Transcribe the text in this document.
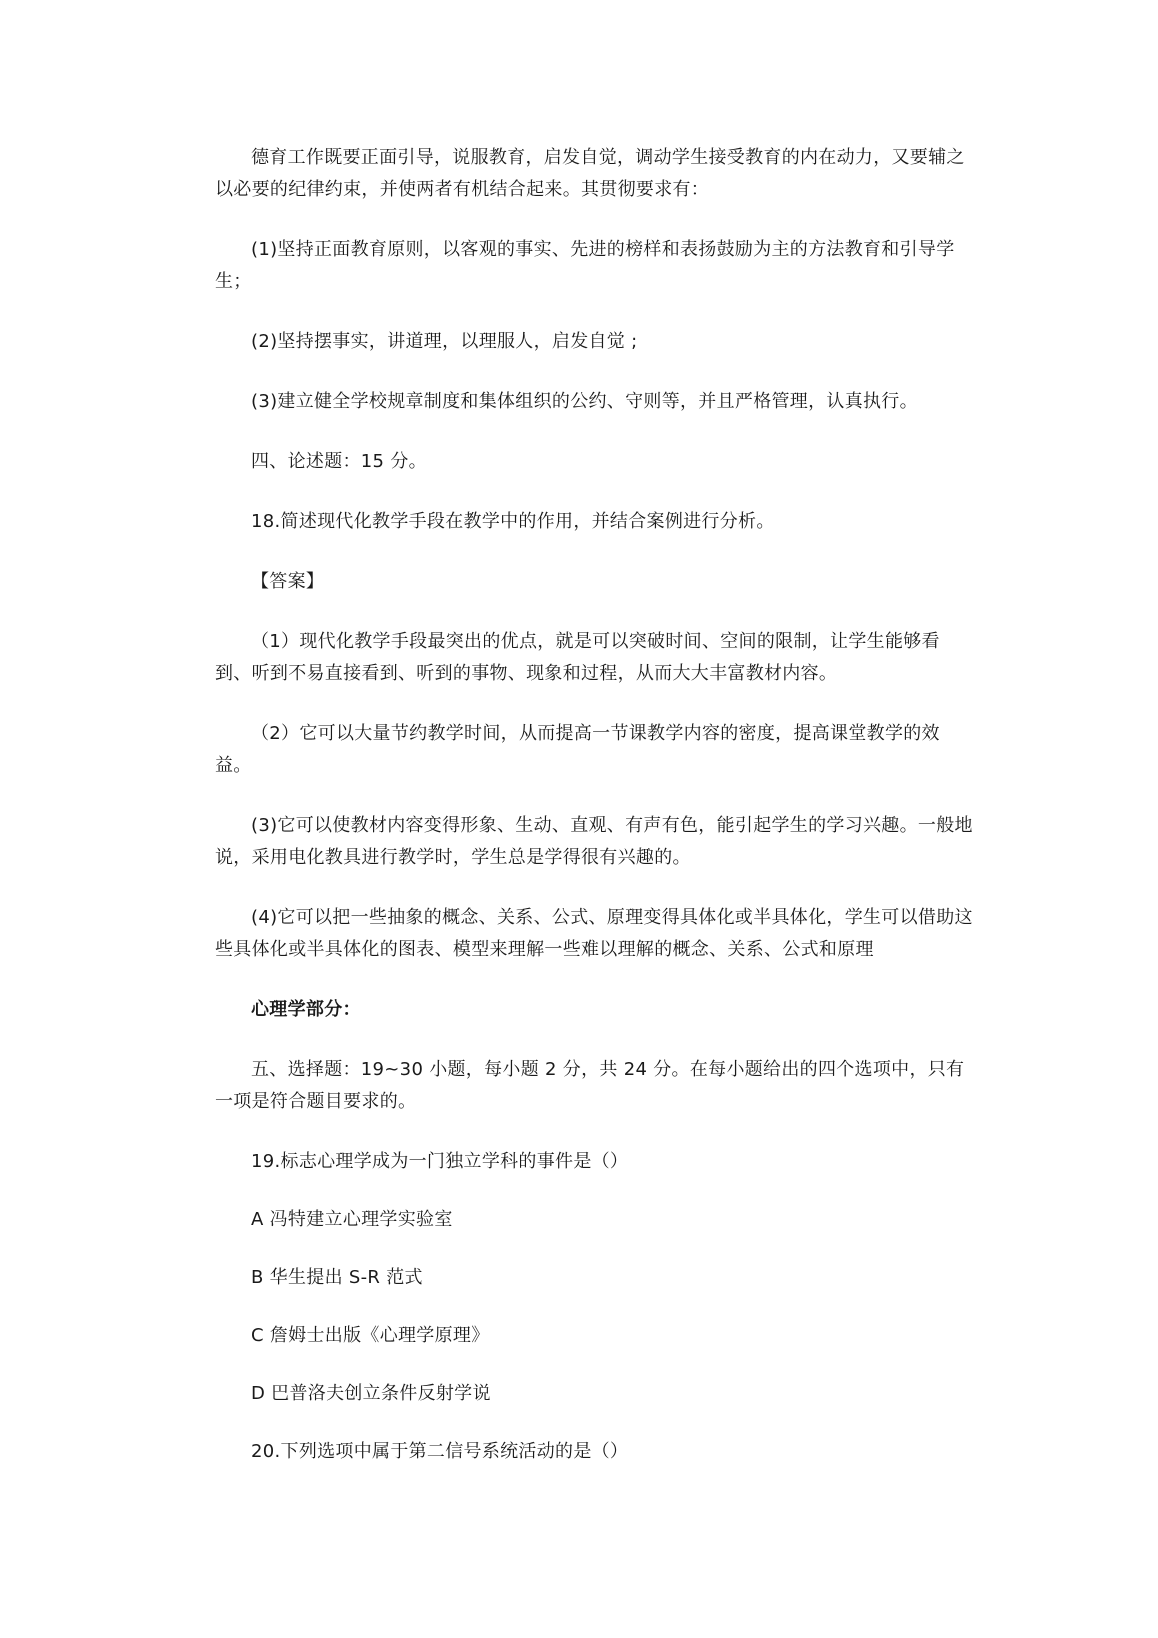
德育工作既要正面引导，说服教育，启发自觉，调动学生接受教育的内在动力，又要辅之以必要的纪律约束，并使两者有机结合起来。其贯彻要求有：

(1)坚持正面教育原则，以客观的事实、先进的榜样和表扬鼓励为主的方法教育和引导学生；

(2)坚持摆事实，讲道理，以理服人，启发自觉 ;

(3)建立健全学校规章制度和集体组织的公约、守则等，并且严格管理，认真执行。

四、论述题：15 分。

18.简述现代化教学手段在教学中的作用，并结合案例进行分析。

【答案】

（1）现代化教学手段最突出的优点，就是可以突破时间、空间的限制，让学生能够看到、听到不易直接看到、听到的事物、现象和过程，从而大大丰富教材内容。

（2）它可以大量节约教学时间，从而提高一节课教学内容的密度，提高课堂教学的效益。

(3)它可以使教材内容变得形象、生动、直观、有声有色，能引起学生的学习兴趣。一般地说，采用电化教具进行教学时，学生总是学得很有兴趣的。

(4)它可以把一些抽象的概念、关系、公式、原理变得具体化或半具体化，学生可以借助这些具体化或半具体化的图表、模型来理解一些难以理解的概念、关系、公式和原理

心理学部分：

五、选择题：19~30 小题，每小题 2 分，共 24 分。在每小题给出的四个选项中，只有一项是符合题目要求的。

19.标志心理学成为一门独立学科的事件是（）

A 冯特建立心理学实验室

B 华生提出 S-R 范式

C 詹姆士出版《心理学原理》

D 巴普洛夫创立条件反射学说

20.下列选项中属于第二信号系统活动的是（）
